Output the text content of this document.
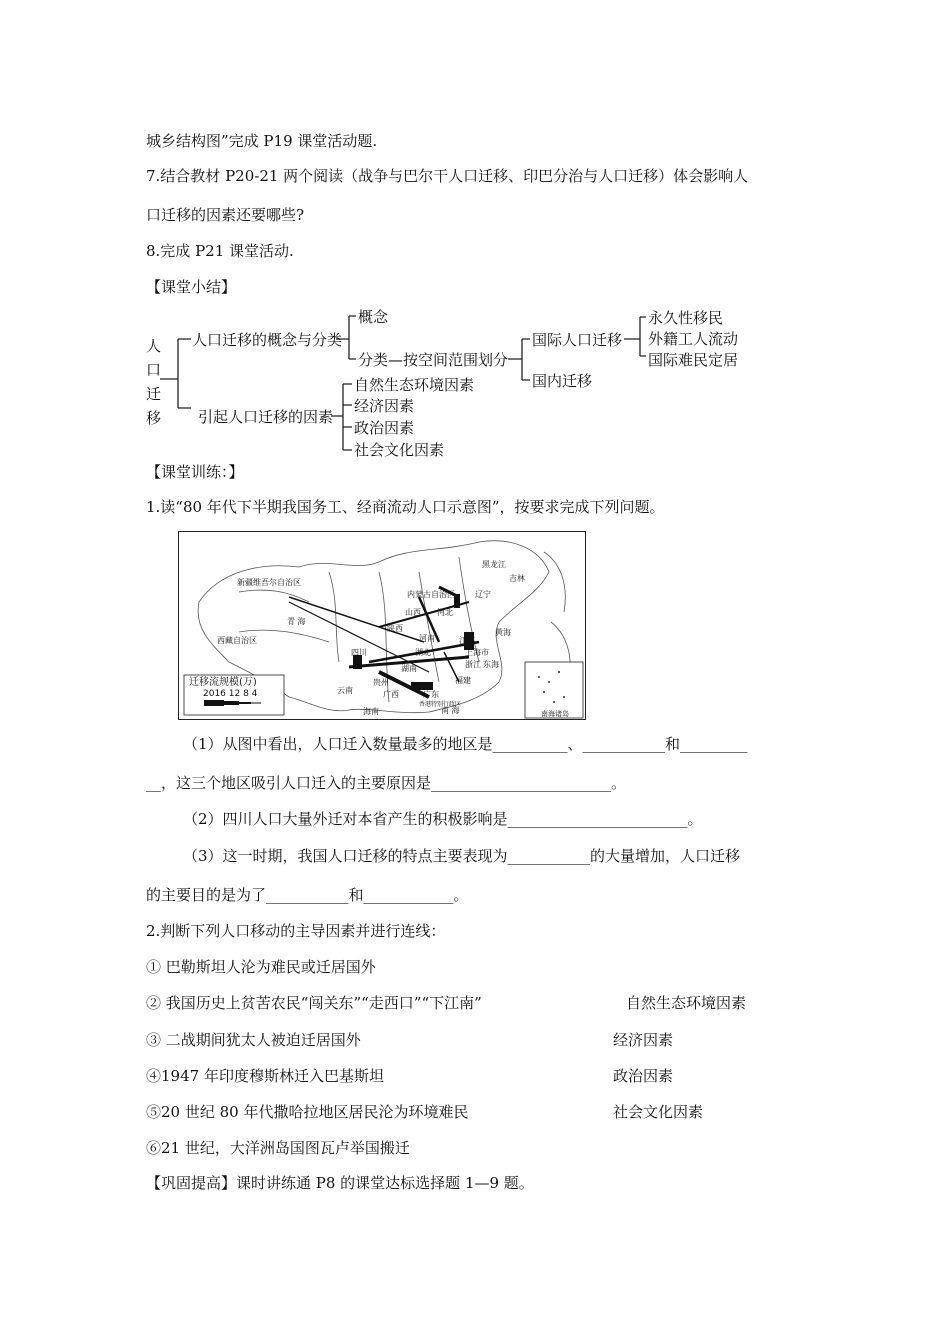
城乡结构图”完成 P19 课堂活动题.
7.结合教材 P20-21 两个阅读（战争与巴尔干人口迁移、印巴分治与人口迁移）体会影响人
口迁移的因素还要哪些?
8.完成 P21 课堂活动.
【课堂小结】
人
口
迁
移
人口迁移的概念与分类
概念
分类—按空间范围划分
国际人口迁移
国内迁移
永久性移民
外籍工人流动
国际难民定居
引起人口迁移的因素
自然生态环境因素
经济因素
政治因素
社会文化因素
【课堂训练：】
1.读“80 年代下半期我国务工、经商流动人口示意图”，按要求完成下列问题。
黑龙江
吉林
新疆维吾尔自治区
内蒙古自治区	辽宁
山西 河北
青 海
西藏自治区
陕西
河南
黄海
四川	湖北
江苏
上海市
东海
湖南	浙江
福建
贵州
云南	广西	广东
香港特别行政区
海南	南 海	南海诸岛
迁移流规模(万)
2016 12 8 4
（1）从图中看出，人口迁入数量最多的地区是__________、___________和_________
__，这三个地区吸引人口迁入的主要原因是________________________。
（2）四川人口大量外迁对本省产生的积极影响是________________________。
（3）这一时期，我国人口迁移的特点主要表现为___________的大量增加，人口迁移
的主要目的是为了___________和____________。
2.判断下列人口移动的主导因素并进行连线：
① 巴勒斯坦人沦为难民或迁居国外
② 我国历史上贫苦农民“闯关东”“走西口”“下江南”
③ 二战期间犹太人被迫迁居国外
④1947 年印度穆斯林迁入巴基斯坦
⑤20 世纪 80 年代撒哈拉地区居民沦为环境难民
⑥21 世纪，大洋洲岛国图瓦卢举国搬迁
自然生态环境因素
经济因素
政治因素
社会文化因素
【巩固提高】课时讲练通 P8 的课堂达标选择题 1—9 题。
